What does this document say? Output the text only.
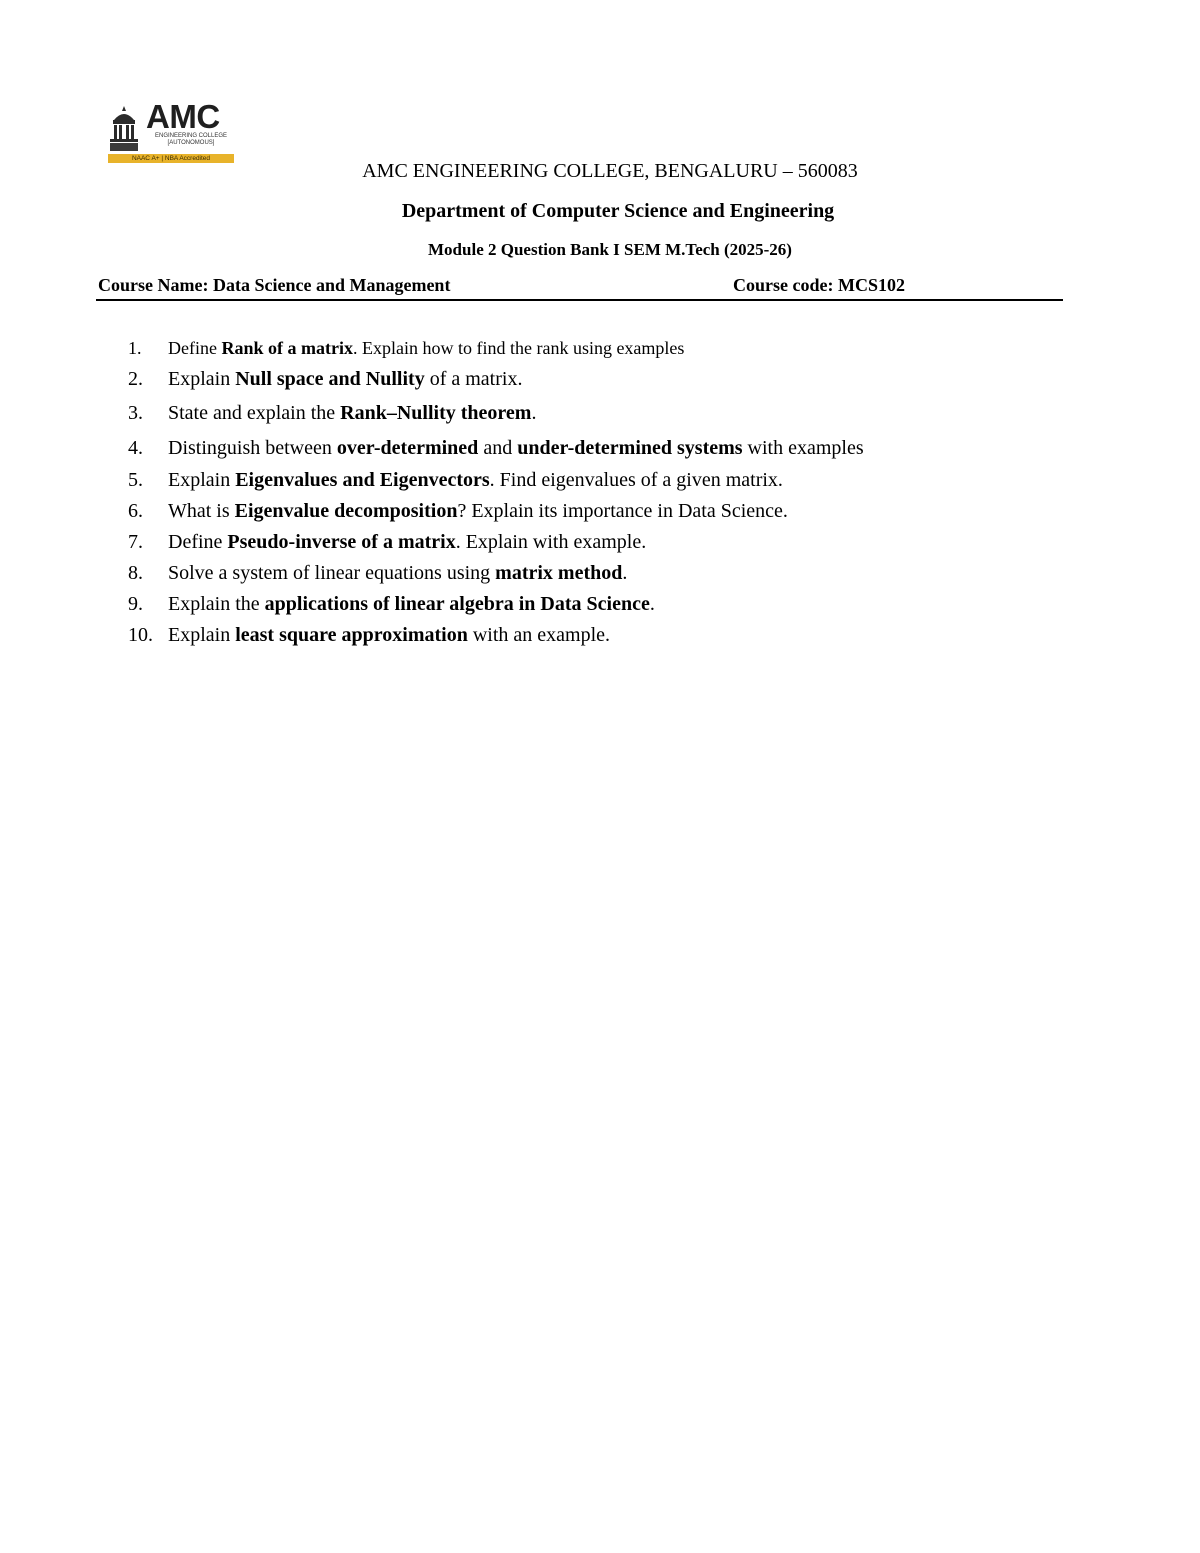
AMC
ENGINEERING COLLEGE [AUTONOMOUS]
NAAC A+ | NBA Accredited
AMC ENGINEERING COLLEGE, BENGALURU – 560083
Department of Computer Science and Engineering
Module 2 Question Bank I SEM M.Tech (2025-26)
Course Name: Data Science and Management	Course code: MCS102
1.	Define Rank of a matrix. Explain how to find the rank using examples
2.	Explain Null space and Nullity of a matrix.
3.	State and explain the Rank–Nullity theorem.
4.	Distinguish between over-determined and under-determined systems with examples
5.	Explain Eigenvalues and Eigenvectors. Find eigenvalues of a given matrix.
6.	What is Eigenvalue decomposition? Explain its importance in Data Science.
7.	Define Pseudo-inverse of a matrix. Explain with example.
8.	Solve a system of linear equations using matrix method.
9.	Explain the applications of linear algebra in Data Science.
10. Explain least square approximation with an example.
